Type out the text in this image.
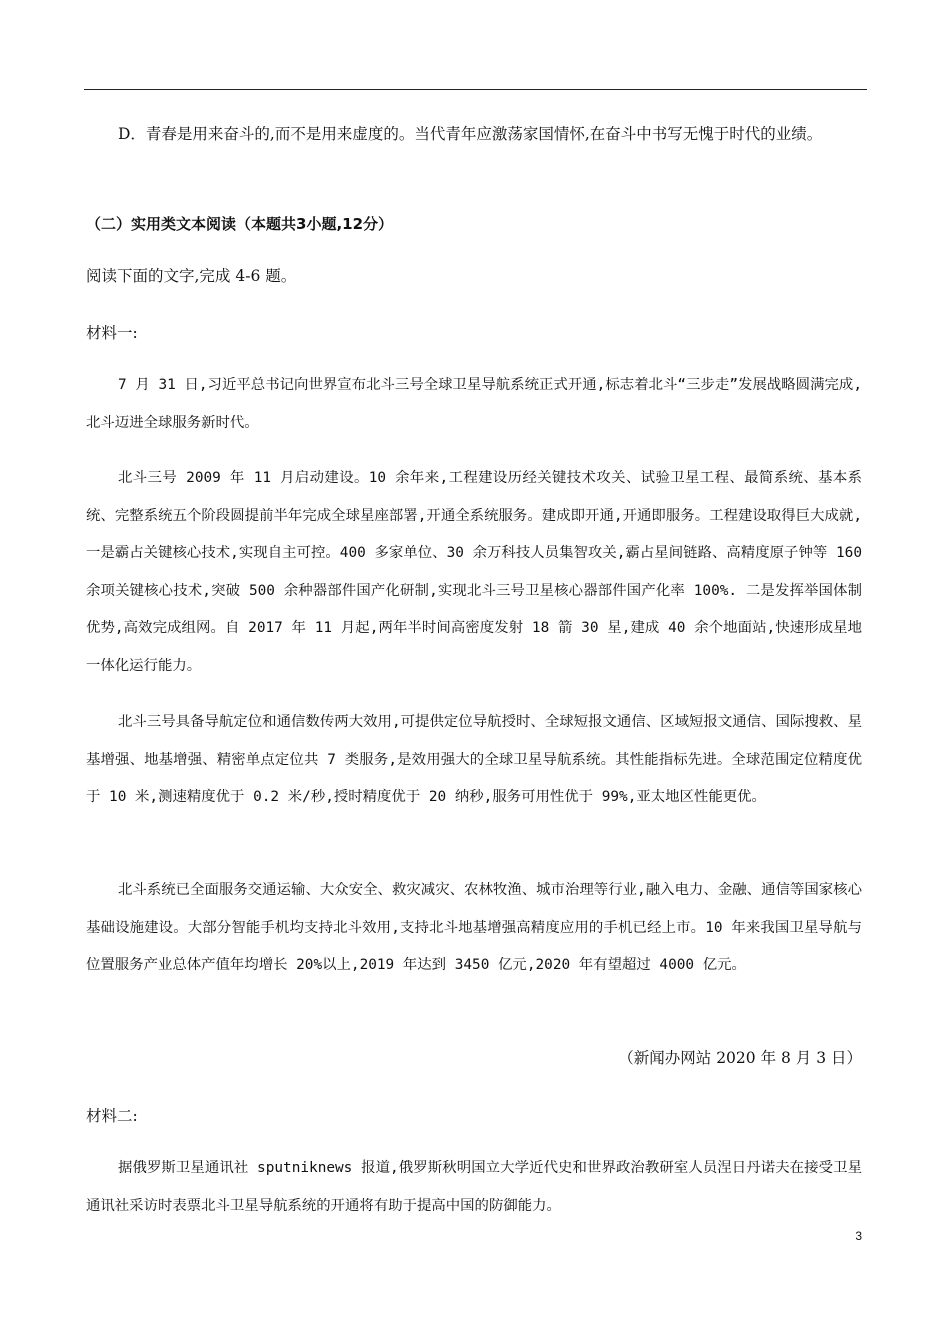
D．青春是用来奋斗的,而不是用来虚度的。当代青年应激荡家国情怀,在奋斗中书写无愧于时代的业绩。

（二）实用类文本阅读（本题共3小题,12分）

阅读下面的文字,完成 4-6 题。

材料一:

7 月 31 日,习近平总书记向世界宣布北斗三号全球卫星导航系统正式开通,标志着北斗“三步走”发展战略圆满完成,北斗迈进全球服务新时代。

北斗三号 2009 年 11 月启动建设。10 余年来,工程建设历经关键技术攻关、试验卫星工程、最简系统、基本系统、完整系统五个阶段圆提前半年完成全球星座部署,开通全系统服务。建成即开通,开通即服务。工程建设取得巨大成就,一是霸占关键核心技术,实现自主可控。400 多家单位、30 余万科技人员集智攻关,霸占星间链路、高精度原子钟等 160 余项关键核心技术,突破 500 余种器部件国产化研制,实现北斗三号卫星核心器部件国产化率 100%. 二是发挥举国体制优势,高效完成组网。自 2017 年 11 月起,两年半时间高密度发射 18 箭 30 星,建成 40 余个地面站,快速形成星地一体化运行能力。

北斗三号具备导航定位和通信数传两大效用,可提供定位导航授时、全球短报文通信、区域短报文通信、国际搜救、星基增强、地基增强、精密单点定位共 7 类服务,是效用强大的全球卫星导航系统。其性能指标先进。全球范围定位精度优于 10 米,测速精度优于 0.2 米/秒,授时精度优于 20 纳秒,服务可用性优于 99%,亚太地区性能更优。

北斗系统已全面服务交通运输、大众安全、救灾减灾、农林牧渔、城市治理等行业,融入电力、金融、通信等国家核心基础设施建设。大部分智能手机均支持北斗效用,支持北斗地基增强高精度应用的手机已经上市。10 年来我国卫星导航与位置服务产业总体产值年均增长 20%以上,2019 年达到 3450 亿元,2020 年有望超过 4000 亿元。

（新闻办网站 2020 年 8 月 3 日）

材料二:

据俄罗斯卫星通讯社 sputniknews 报道,俄罗斯秋明国立大学近代史和世界政治教研室人员涅日丹诺夫在接受卫星通讯社采访时表票北斗卫星导航系统的开通将有助于提高中国的防御能力。

3
